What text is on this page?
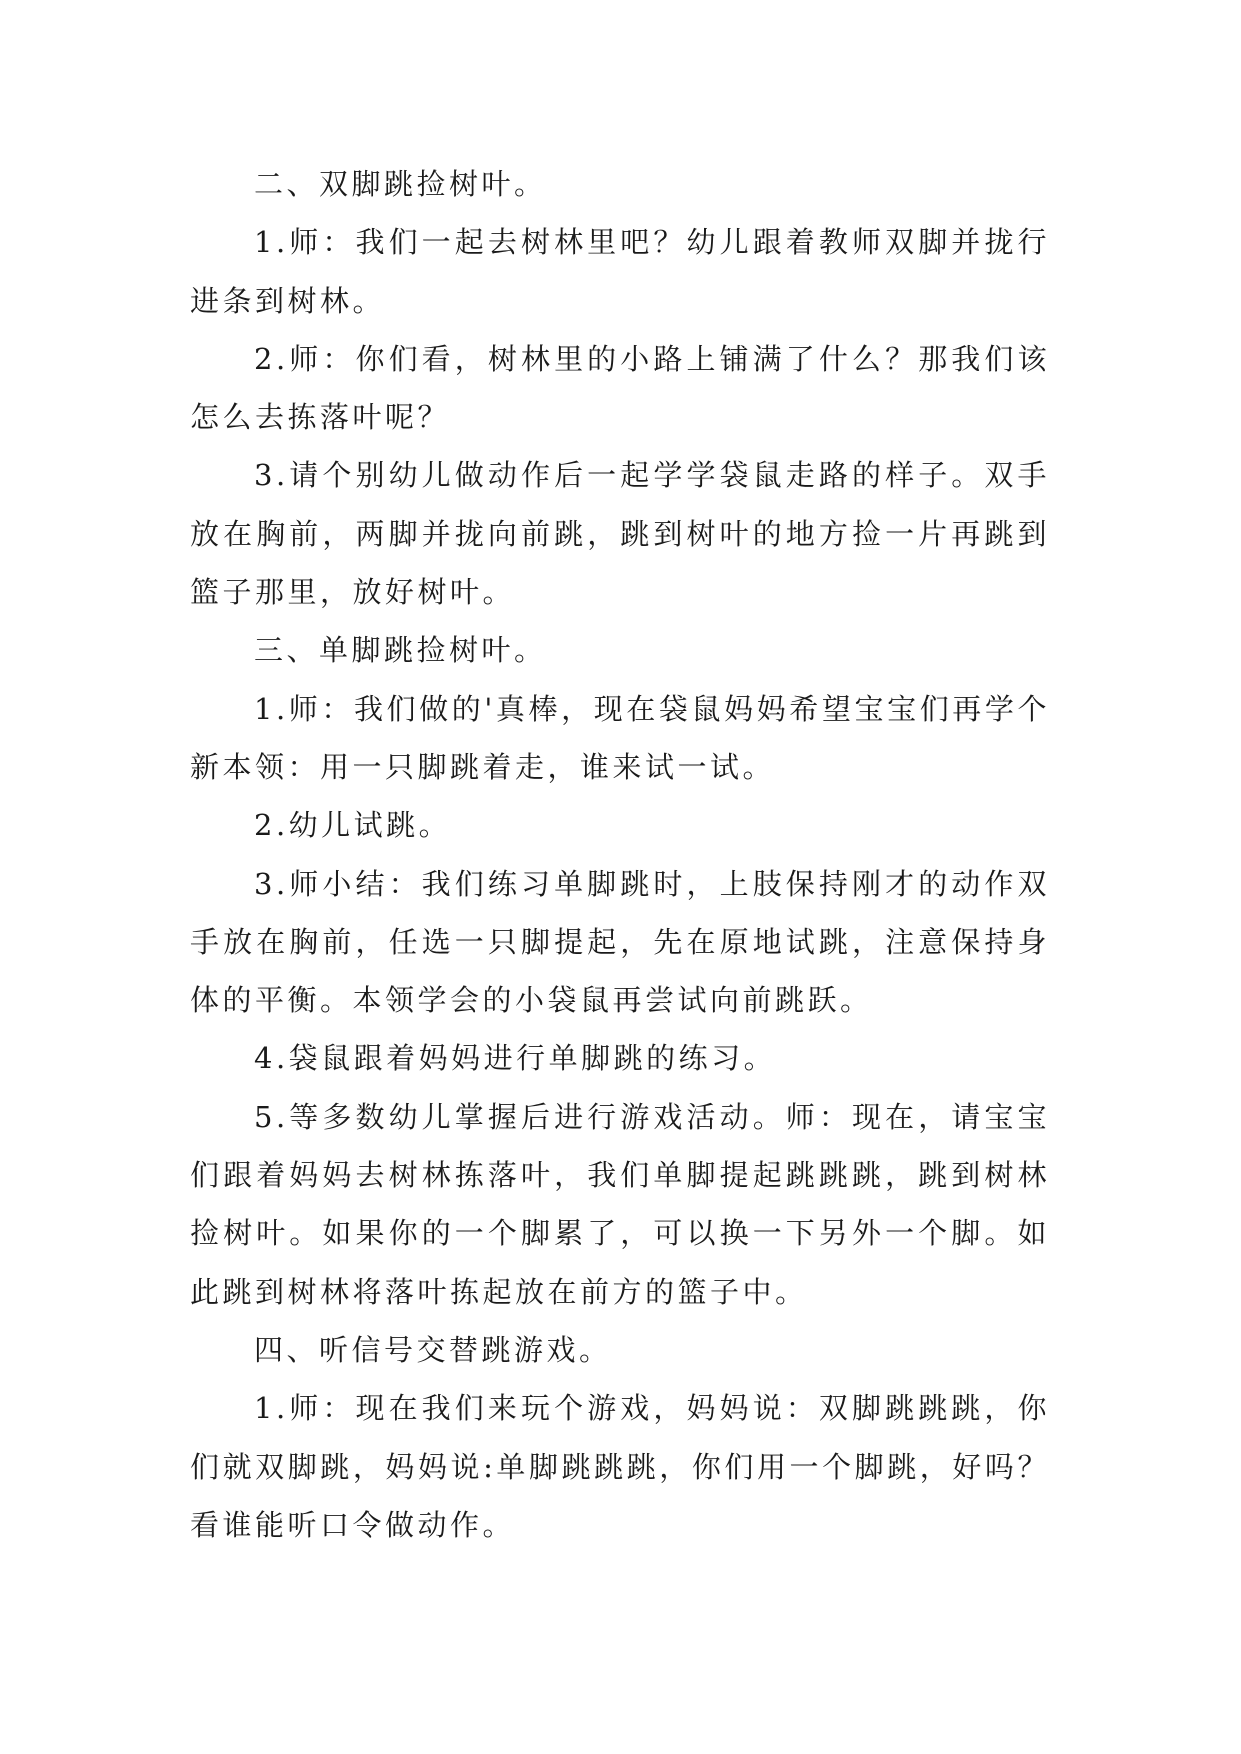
二、双脚跳捡树叶。

1.师：我们一起去树林里吧？幼儿跟着教师双脚并拢行进条到树林。

2.师：你们看，树林里的小路上铺满了什么？那我们该怎么去拣落叶呢？

3.请个别幼儿做动作后一起学学袋鼠走路的样子。双手放在胸前，两脚并拢向前跳，跳到树叶的地方捡一片再跳到篮子那里，放好树叶。

三、单脚跳捡树叶。

1.师：我们做的'真棒，现在袋鼠妈妈希望宝宝们再学个新本领：用一只脚跳着走，谁来试一试。

2.幼儿试跳。

3.师小结：我们练习单脚跳时，上肢保持刚才的动作双手放在胸前，任选一只脚提起，先在原地试跳，注意保持身体的平衡。本领学会的小袋鼠再尝试向前跳跃。

4.袋鼠跟着妈妈进行单脚跳的练习。

5.等多数幼儿掌握后进行游戏活动。师：现在，请宝宝们跟着妈妈去树林拣落叶，我们单脚提起跳跳跳，跳到树林捡树叶。如果你的一个脚累了，可以换一下另外一个脚。如此跳到树林将落叶拣起放在前方的篮子中。

四、听信号交替跳游戏。

1.师：现在我们来玩个游戏，妈妈说：双脚跳跳跳，你们就双脚跳，妈妈说:单脚跳跳跳，你们用一个脚跳，好吗？看谁能听口令做动作。
